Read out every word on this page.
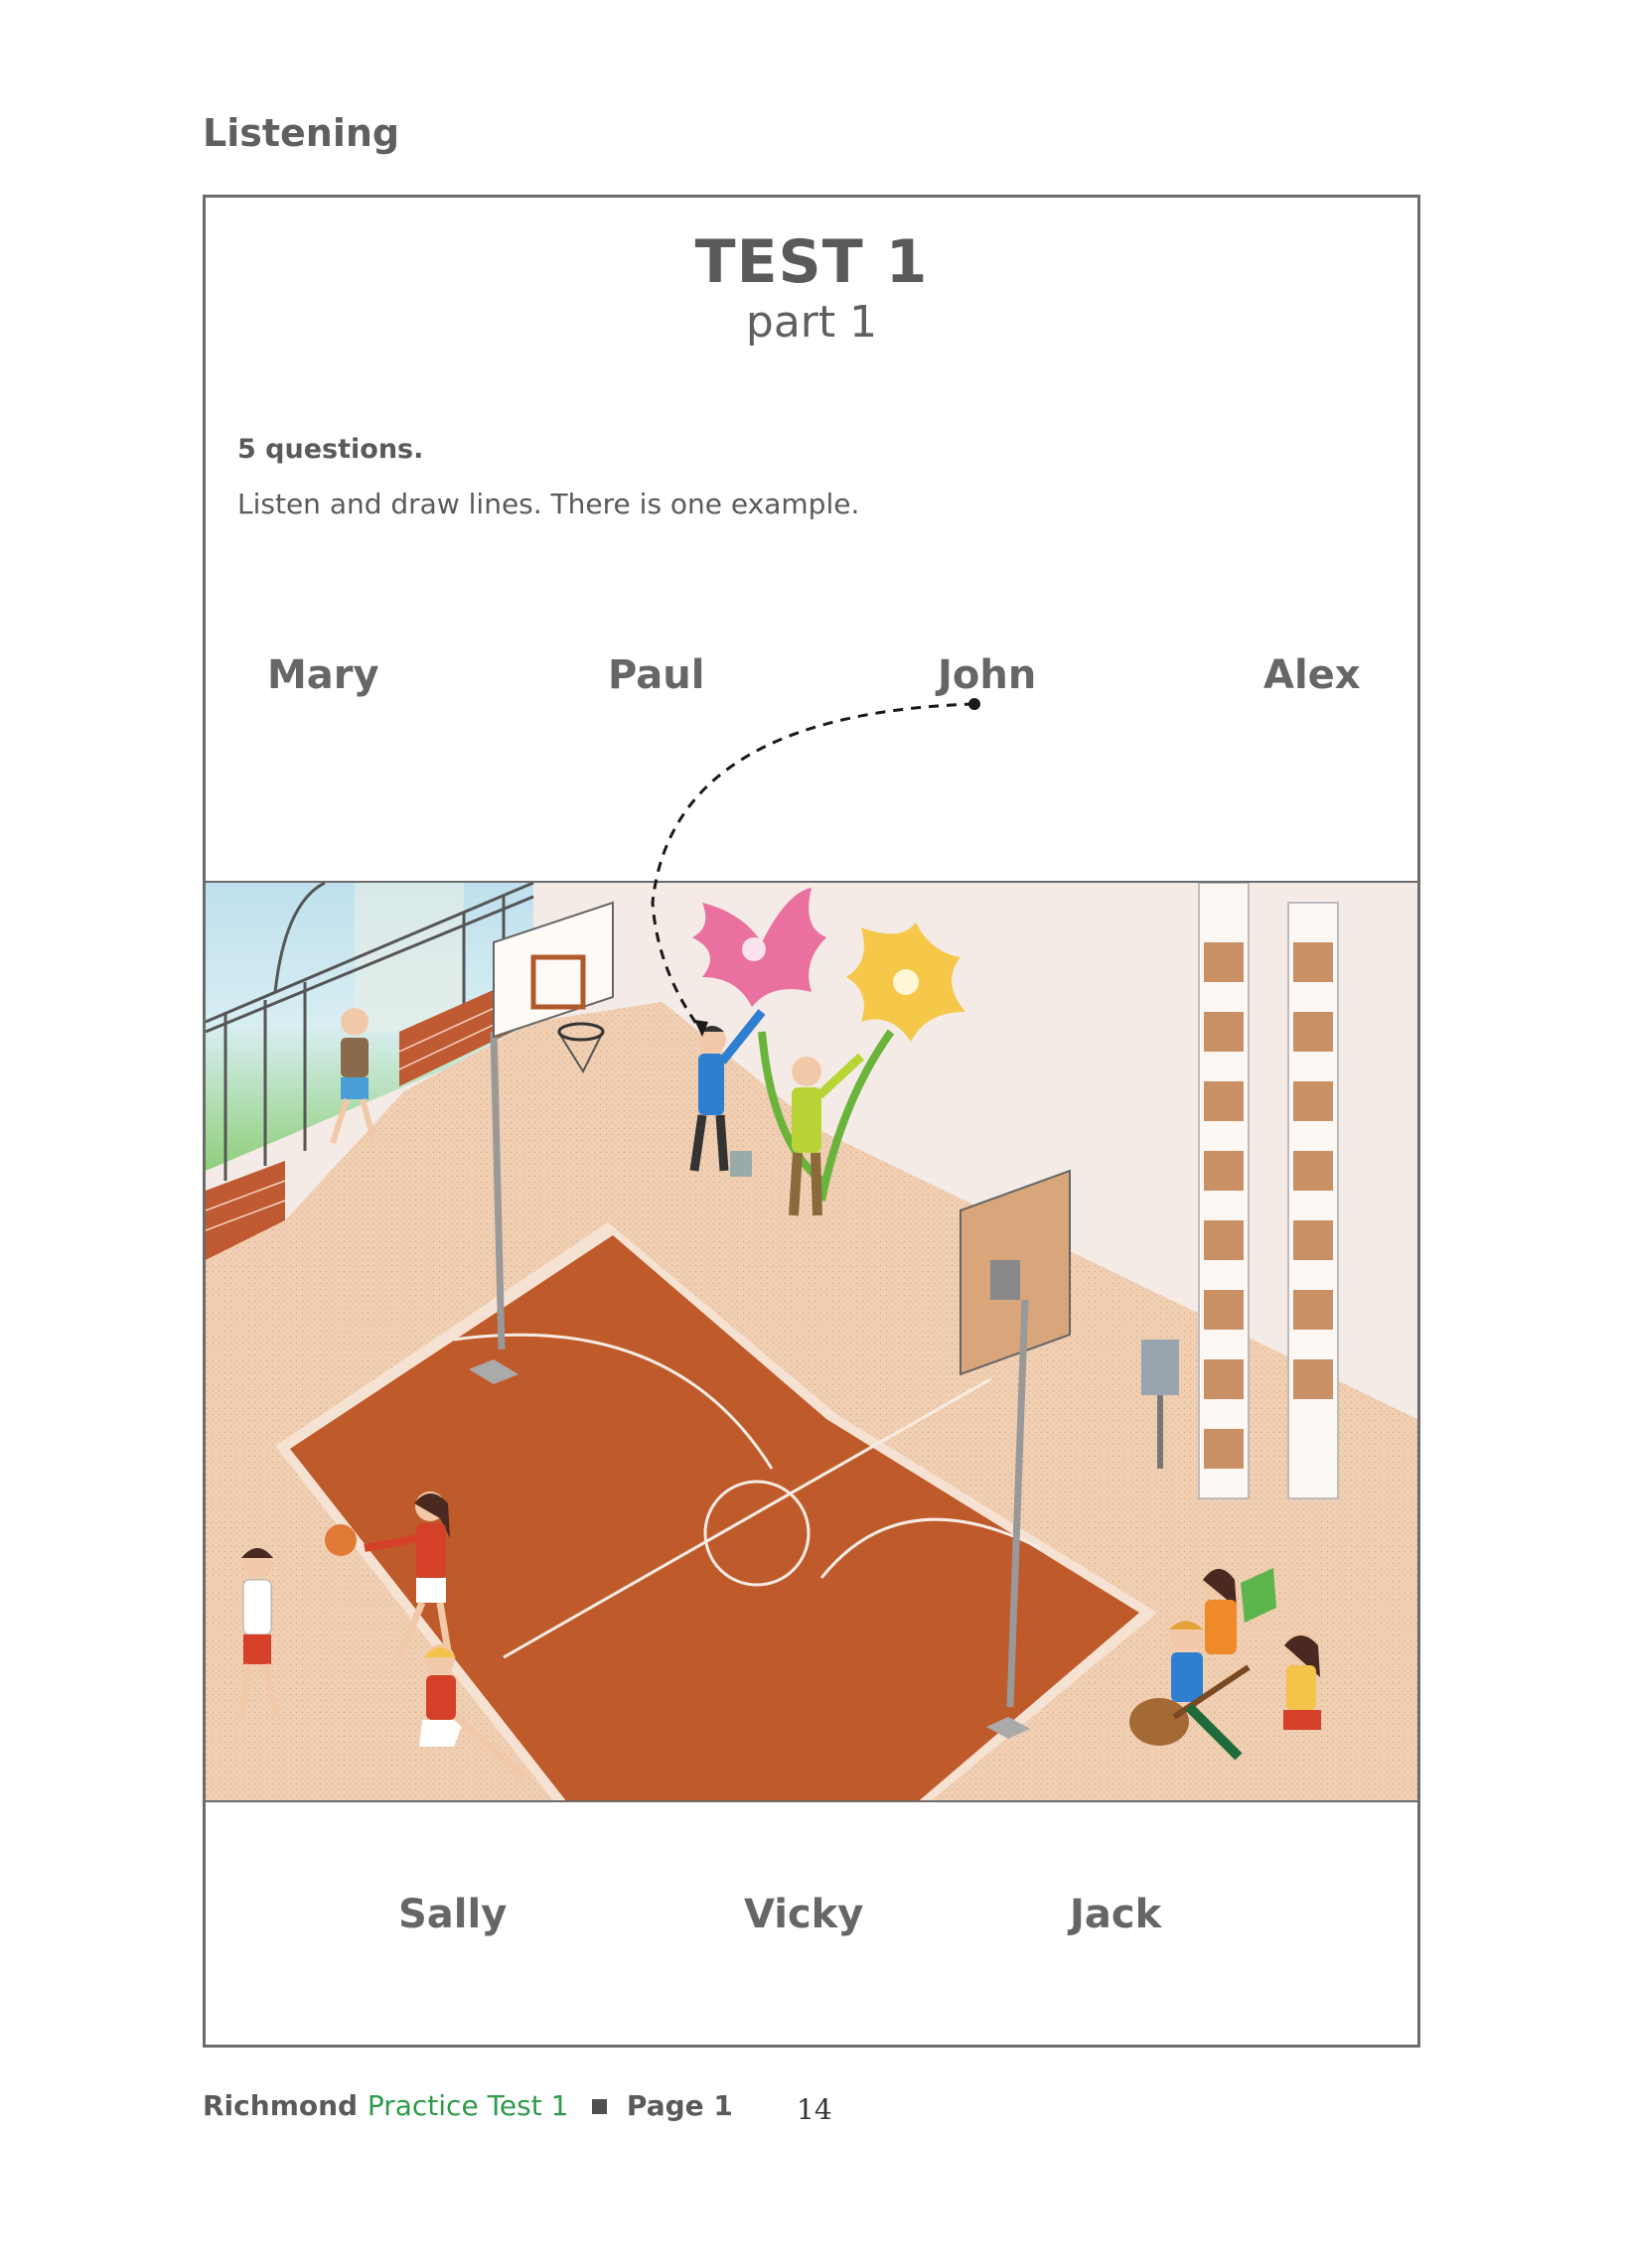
Listening
TEST 1
part 1
5 questions.
Listen and draw lines. There is one example.
Mary	Paul	John	Alex
Sally	Vicky	Jack
Richmond Practice Test 1 Page 1 14
